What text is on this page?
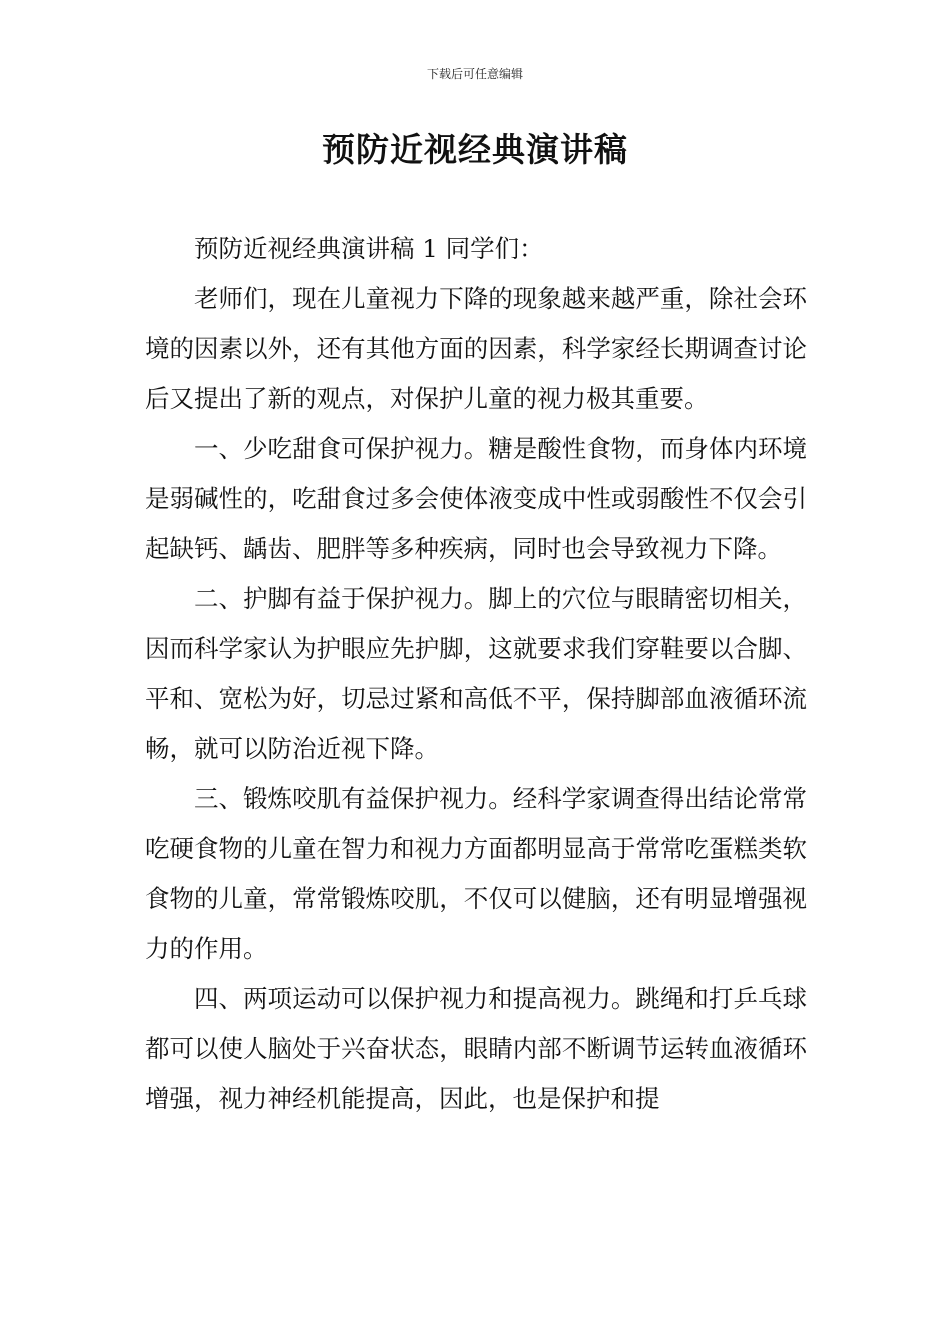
下载后可任意编辑
预防近视经典演讲稿

预防近视经典演讲稿 1 同学们：

老师们，现在儿童视力下降的现象越来越严重，除社会环境的因素以外，还有其他方面的因素，科学家经长期调查讨论后又提出了新的观点，对保护儿童的视力极其重要。

一、少吃甜食可保护视力。糖是酸性食物，而身体内环境是弱碱性的，吃甜食过多会使体液变成中性或弱酸性不仅会引起缺钙、龋齿、肥胖等多种疾病，同时也会导致视力下降。

二、护脚有益于保护视力。脚上的穴位与眼睛密切相关，因而科学家认为护眼应先护脚，这就要求我们穿鞋要以合脚、平和、宽松为好，切忌过紧和高低不平，保持脚部血液循环流畅，就可以防治近视下降。

三、锻炼咬肌有益保护视力。经科学家调查得出结论常常吃硬食物的儿童在智力和视力方面都明显高于常常吃蛋糕类软食物的儿童，常常锻炼咬肌，不仅可以健脑，还有明显增强视力的作用。

四、两项运动可以保护视力和提高视力。跳绳和打乒乓球都可以使人脑处于兴奋状态，眼睛内部不断调节运转血液循环增强，视力神经机能提高，因此，也是保护和提
